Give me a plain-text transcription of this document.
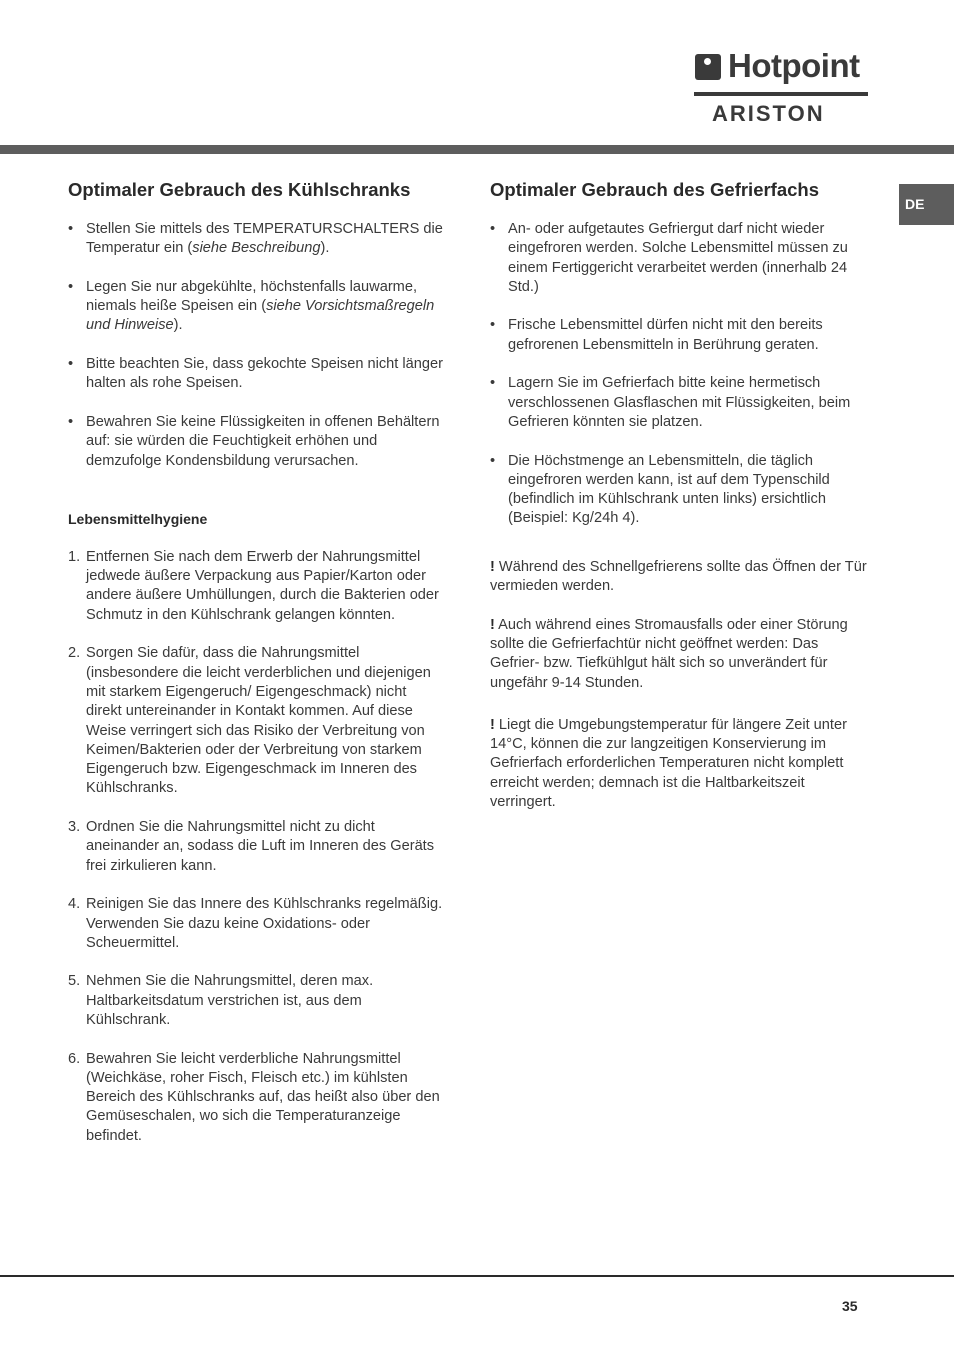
Hotpoint
ARISTON
DE
Optimaler Gebrauch des Kühlschranks
• Stellen Sie mittels des TEMPERATURSCHALTERS die Temperatur ein (siehe Beschreibung).
• Legen Sie nur abgekühlte, höchstenfalls lauwarme, niemals heiße Speisen ein (siehe Vorsichtsmaßregeln und Hinweise).
• Bitte beachten Sie, dass gekochte Speisen nicht länger halten als rohe Speisen.
• Bewahren Sie keine Flüssigkeiten in offenen Behältern auf: sie würden die Feuchtigkeit erhöhen und demzufolge Kondensbildung verursachen.
Lebensmittelhygiene
1. Entfernen Sie nach dem Erwerb der Nahrungsmittel jedwede äußere Verpackung aus Papier/Karton oder andere äußere Umhüllungen, durch die Bakterien oder Schmutz in den Kühlschrank gelangen könnten.
2. Sorgen Sie dafür, dass die Nahrungsmittel (insbesondere die leicht verderblichen und diejenigen mit starkem Eigengeruch/ Eigengeschmack) nicht direkt untereinander in Kontakt kommen. Auf diese Weise verringert sich das Risiko der Verbreitung von Keimen/Bakterien oder der Verbreitung von starkem Eigengeruch bzw. Eigengeschmack im Inneren des Kühlschranks.
3. Ordnen Sie die Nahrungsmittel nicht zu dicht aneinander an, sodass die Luft im Inneren des Geräts frei zirkulieren kann.
4. Reinigen Sie das Innere des Kühlschranks regelmäßig. Verwenden Sie dazu keine Oxidations- oder Scheuermittel.
5. Nehmen Sie die Nahrungsmittel, deren max. Haltbarkeitsdatum verstrichen ist, aus dem Kühlschrank.
6. Bewahren Sie leicht verderbliche Nahrungsmittel (Weichkäse, roher Fisch, Fleisch etc.) im kühlsten Bereich des Kühlschranks auf, das heißt also über den Gemüseschalen, wo sich die Temperaturanzeige befindet.
Optimaler Gebrauch des Gefrierfachs
• An- oder aufgetautes Gefriergut darf nicht wieder eingefroren werden. Solche Lebensmittel müssen zu einem Fertiggericht verarbeitet werden (innerhalb 24 Std.)
• Frische Lebensmittel dürfen nicht mit den bereits gefrorenen Lebensmitteln in Berührung geraten.
• Lagern Sie im Gefrierfach bitte keine hermetisch verschlossenen Glasflaschen mit Flüssigkeiten, beim Gefrieren könnten sie platzen.
• Die Höchstmenge an Lebensmitteln, die täglich eingefroren werden kann, ist auf dem Typenschild (befindlich im Kühlschrank unten links) ersichtlich (Beispiel: Kg/24h 4).

! Während des Schnellgefrierens sollte das Öffnen der Tür vermieden werden.

! Auch während eines Stromausfalls oder einer Störung sollte die Gefrierfachtür nicht geöffnet werden: Das Gefrier- bzw. Tiefkühlgut hält sich so unverändert für ungefähr 9-14 Stunden.

! Liegt die Umgebungstemperatur für längere Zeit unter 14°C, können die zur langzeitigen Konservierung im Gefrierfach erforderlichen Temperaturen nicht komplett erreicht werden; demnach ist die Haltbarkeitszeit verringert.

35
